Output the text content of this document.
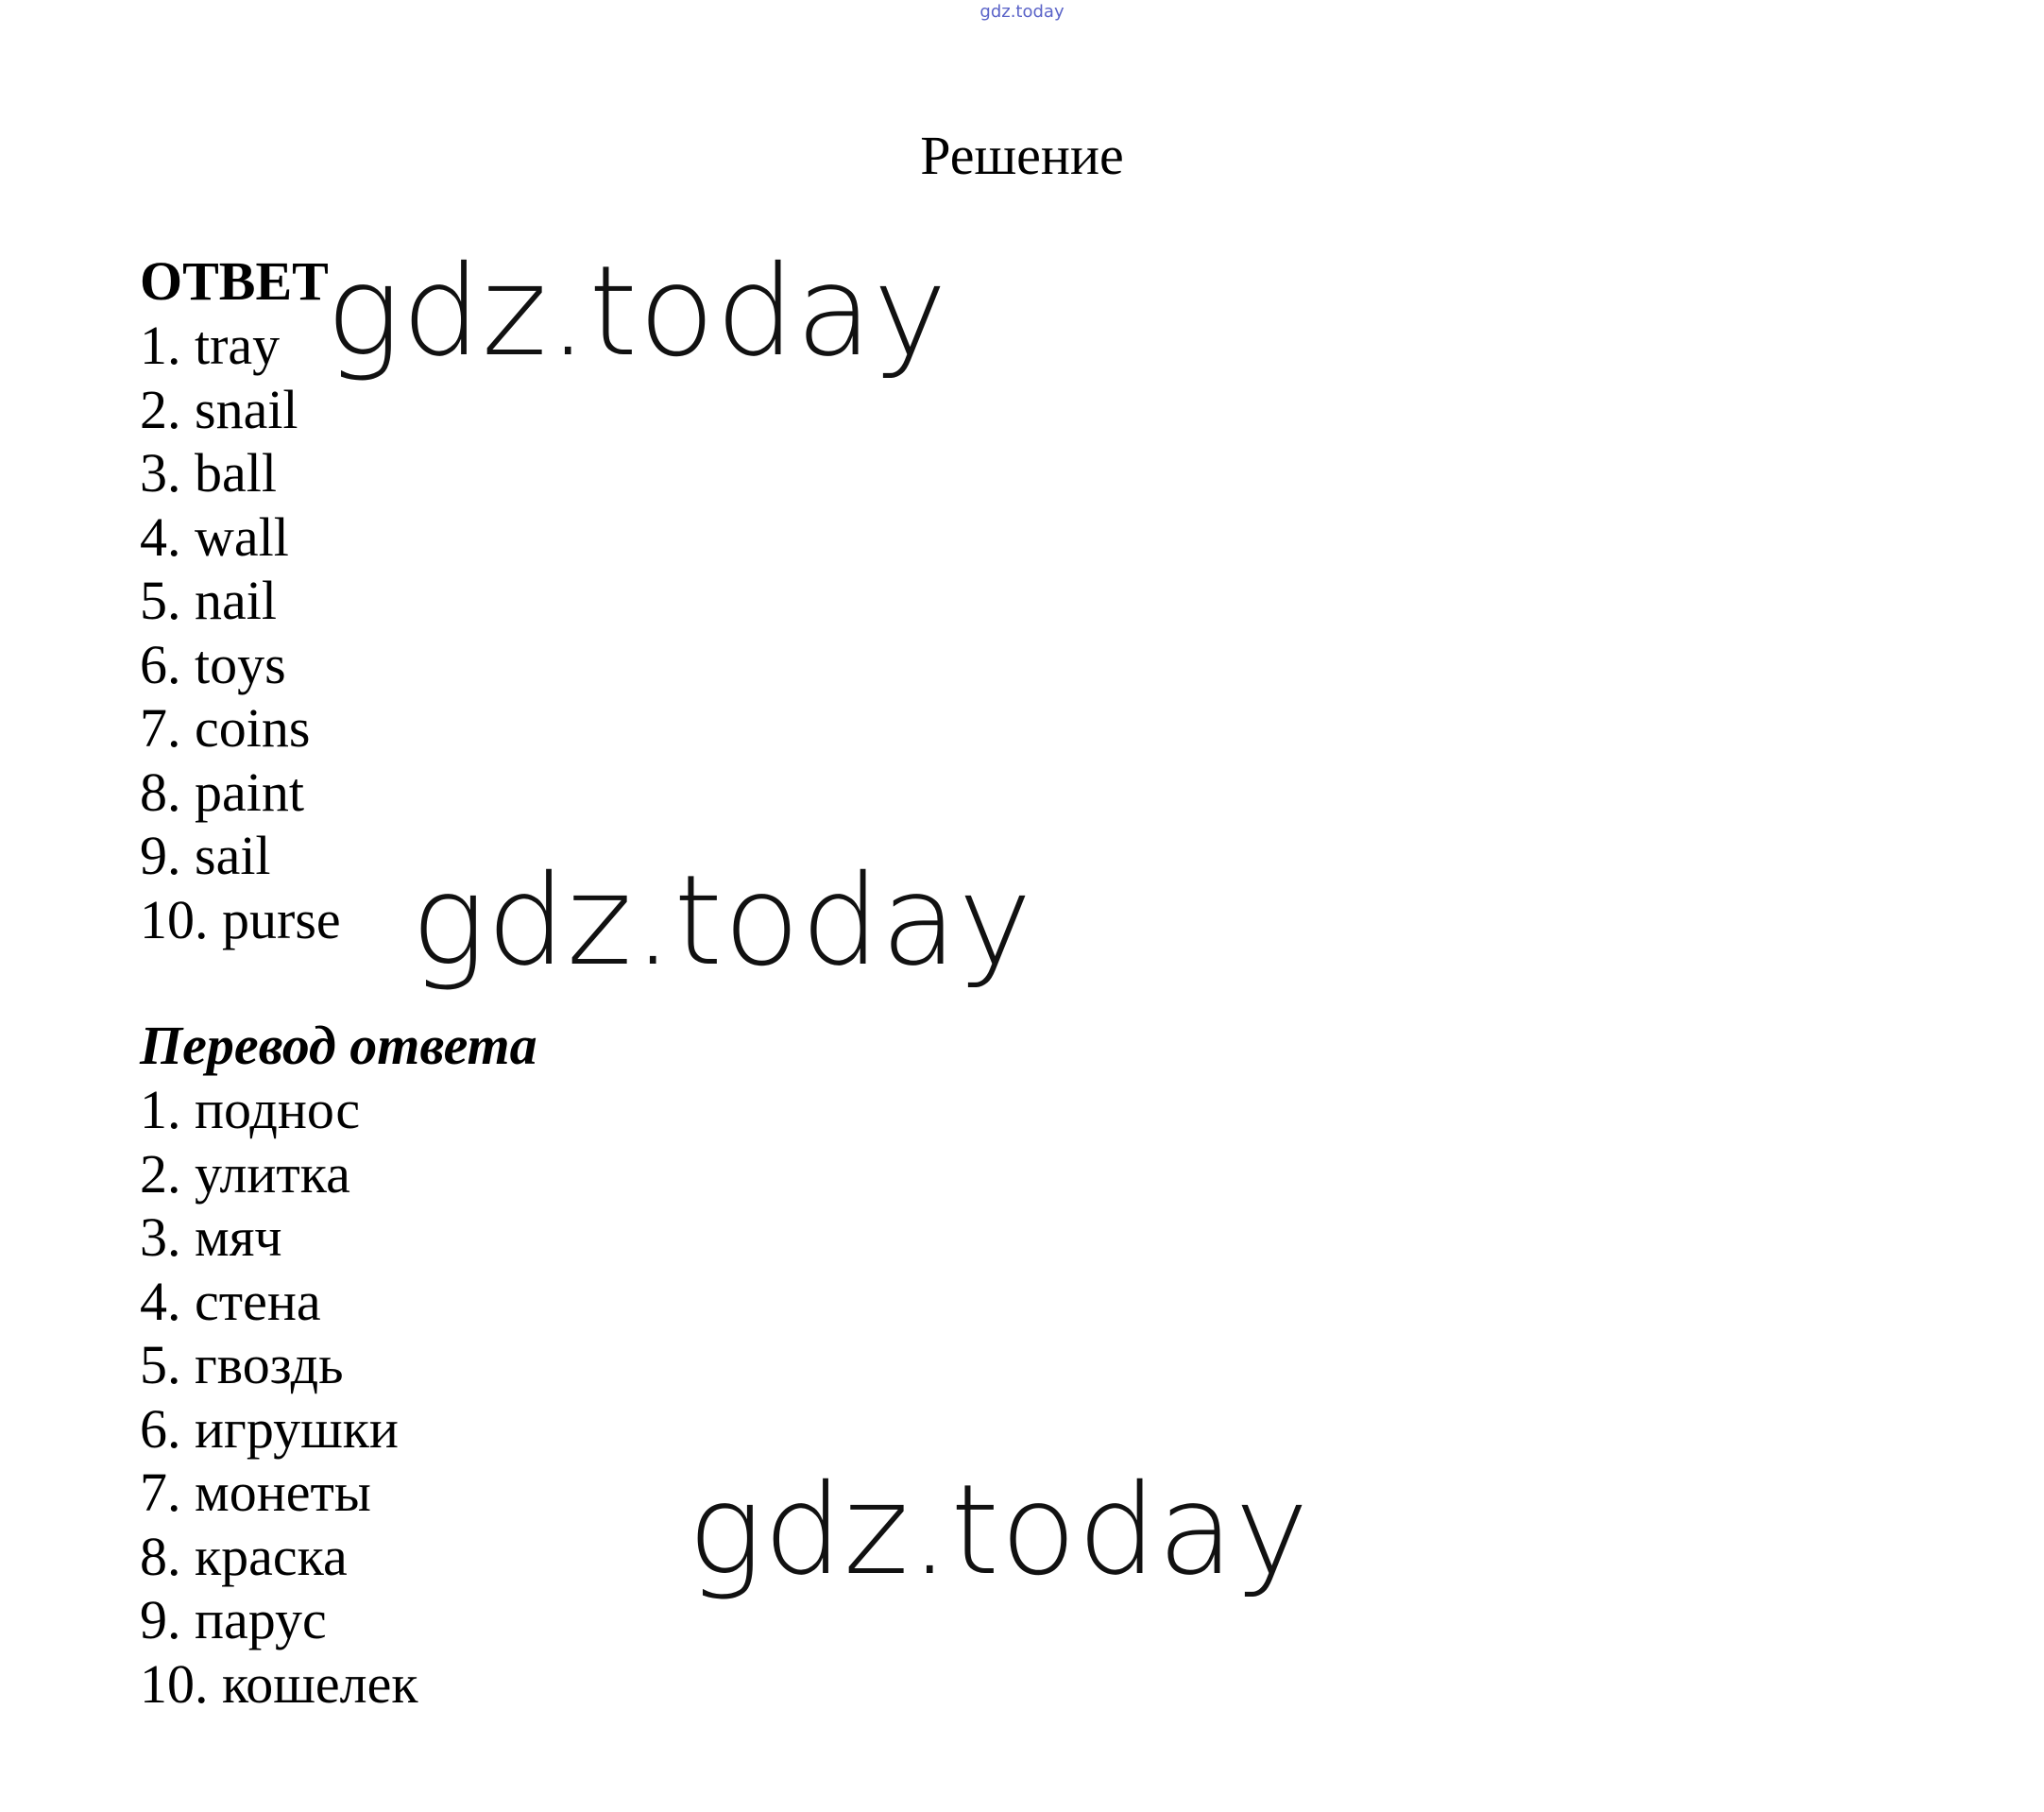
gdz.today
Решение
ОТВЕТ
1. tray
2. snail
3. ball
4. wall
5. nail
6. toys
7. coins
8. paint
9. sail
10. purse
Перевод ответа
1. поднос
2. улитка
3. мяч
4. стена
5. гвоздь
6. игрушки
7. монеты
8. краска
9. парус
10. кошелек
gdz.today
gdz.today
gdz.today
